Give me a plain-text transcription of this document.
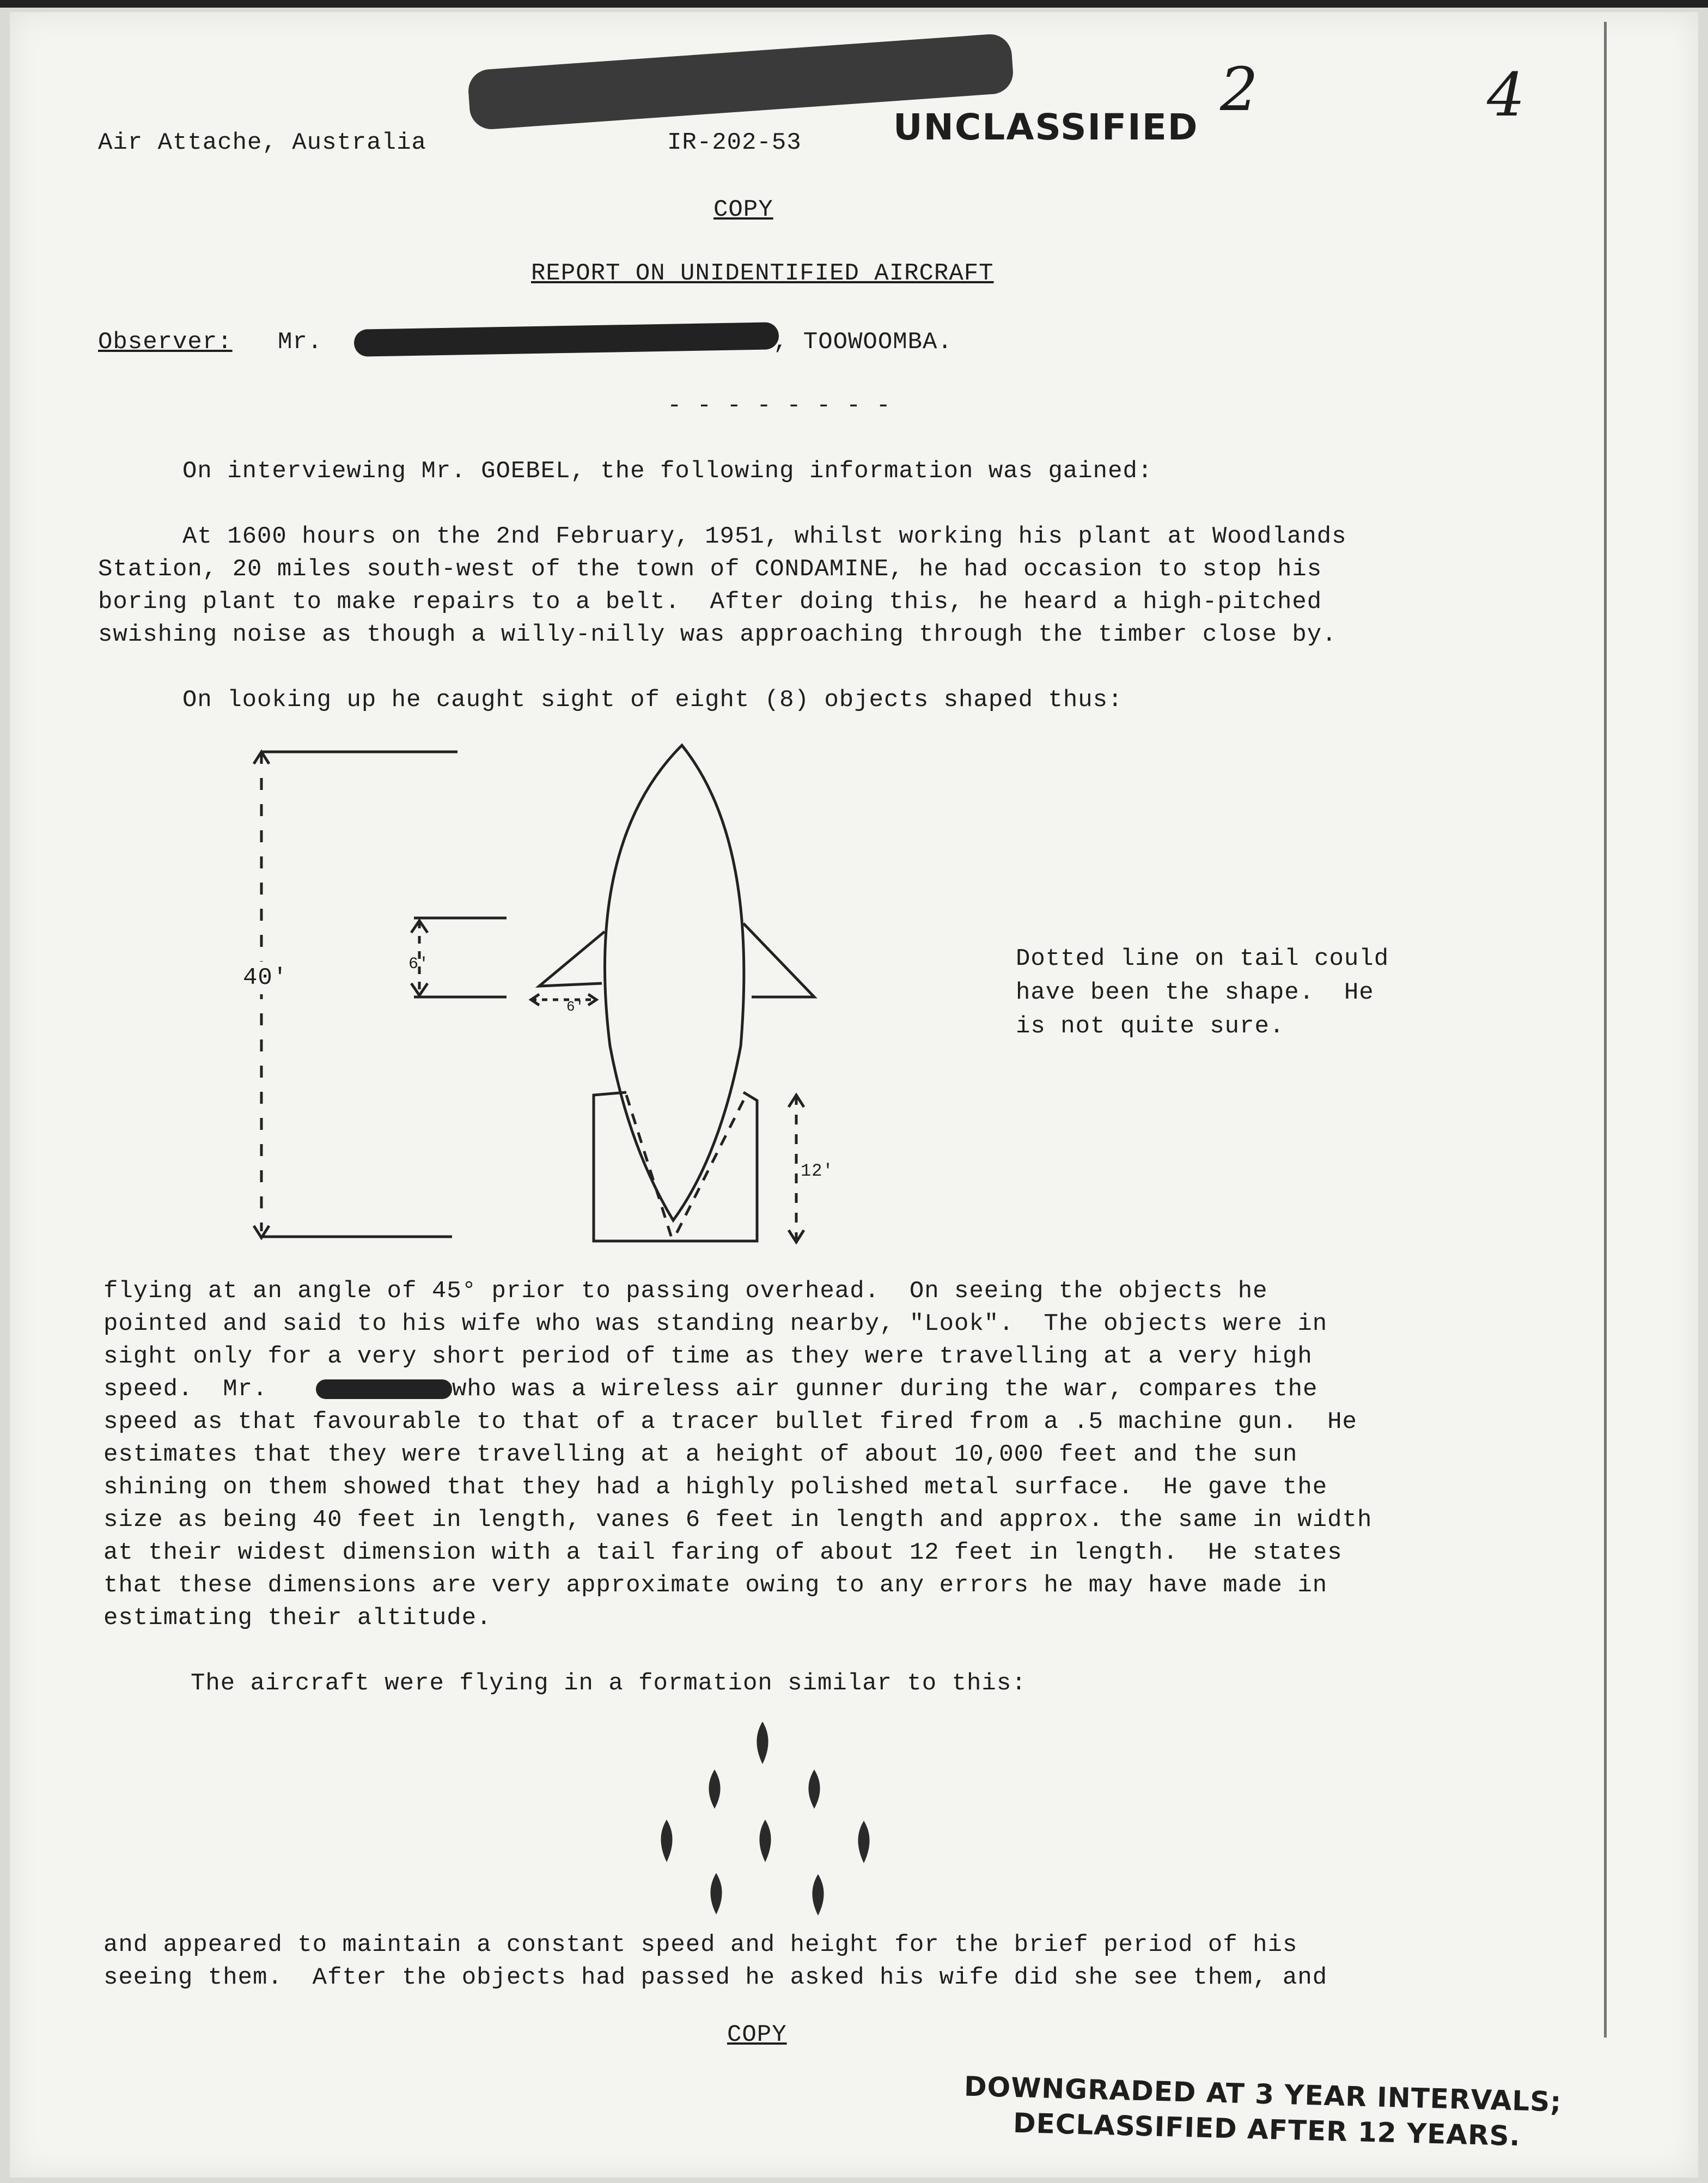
Air Attache, Australia	IR-202-53	UNCLASSIFIED
2	4
COPY
REPORT ON UNIDENTIFIED AIRCRAFT
Observer: Mr.	, TOOWOOMBA.
- - - - - - - -
On interviewing Mr. GOEBEL, the following information was gained:
At 1600 hours on the 2nd February, 1951, whilst working his plant at Woodlands
Station, 20 miles south-west of the town of CONDAMINE, he had occasion to stop his
boring plant to make repairs to a belt.  After doing this, he heard a high-pitched
swishing noise as though a willy-nilly was approaching through the timber close by.
On looking up he caught sight of eight (8) objects shaped thus:
40'	6'
6'
12'
Dotted line on tail could
have been the shape.  He
is not quite sure.
flying at an angle of 45° prior to passing overhead.  On seeing the objects he
pointed and said to his wife who was standing nearby, "Look".  The objects were in
sight only for a very short period of time as they were travelling at a very high
speed.  Mr.	who was a wireless air gunner during the war, compares the
speed as that favourable to that of a tracer bullet fired from a .5 machine gun.  He
estimates that they were travelling at a height of about 10,000 feet and the sun
shining on them showed that they had a highly polished metal surface.  He gave the
size as being 40 feet in length, vanes 6 feet in length and approx. the same in width
at their widest dimension with a tail faring of about 12 feet in length.  He states
that these dimensions are very approximate owing to any errors he may have made in
estimating their altitude.
The aircraft were flying in a formation similar to this:
and appeared to maintain a constant speed and height for the brief period of his
seeing them.  After the objects had passed he asked his wife did she see them, and
COPY
DOWNGRADED AT 3 YEAR INTERVALS;
DECLASSIFIED AFTER 12 YEARS.
